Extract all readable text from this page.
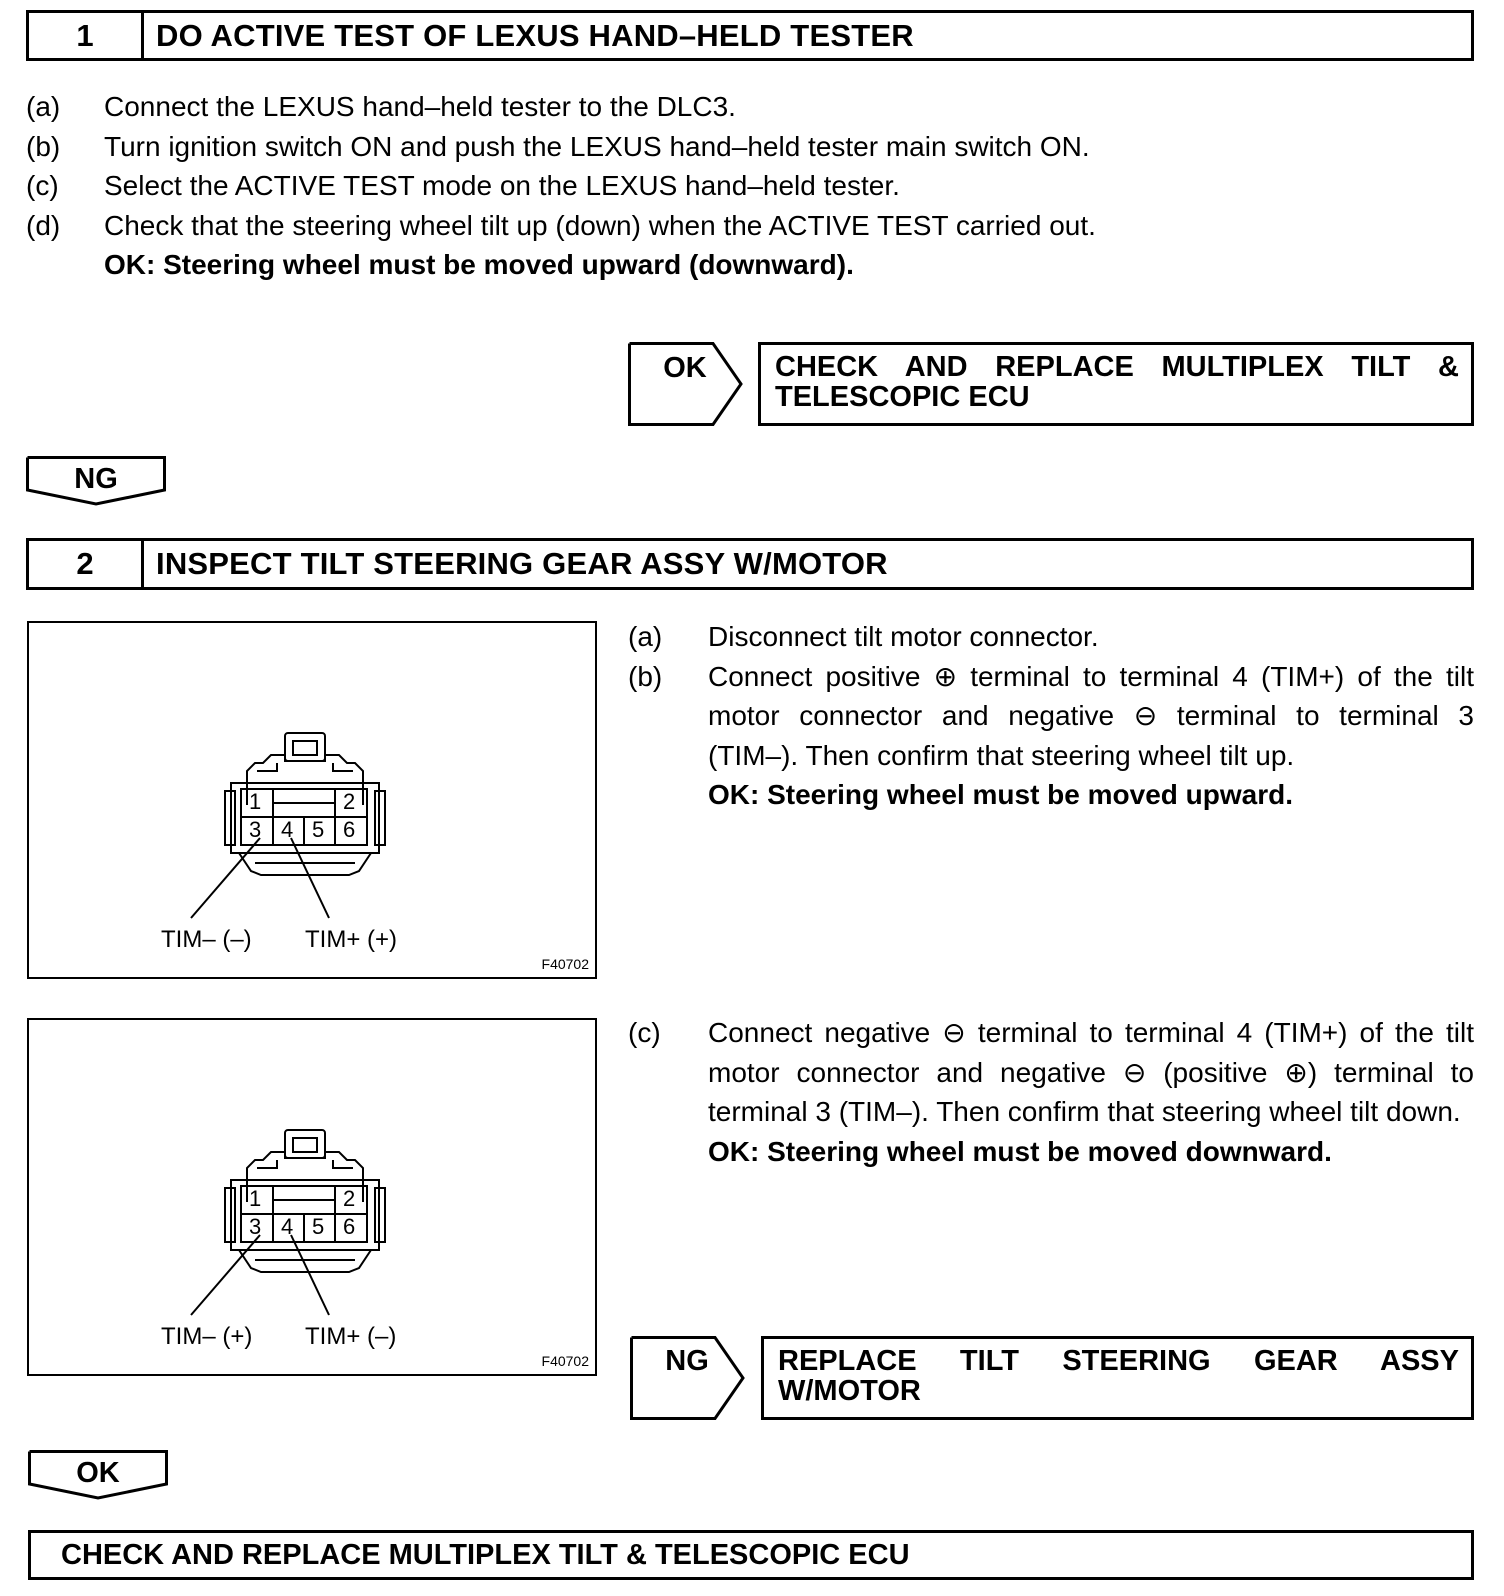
1	DO ACTIVE TEST OF LEXUS HAND–HELD TESTER
(a)	Connect the LEXUS hand–held tester to the DLC3.
(b)	Turn ignition switch ON and push the LEXUS hand–held tester main switch ON.
(c)	Select the ACTIVE TEST mode on the LEXUS hand–held tester.
(d)	Check that the steering wheel tilt up (down) when the ACTIVE TEST carried out.
OK: Steering wheel must be moved upward (downward).
OK	CHECK AND REPLACE MULTIPLEX TILT & TELESCOPIC ECU
NG
2	INSPECT TILT STEERING GEAR ASSY W/MOTOR
1	2
3 4 5 6
TIM– (–) TIM+ (+)
F40702
(a)	Disconnect tilt motor connector.
(b)	Connect positive ⊕ terminal to terminal 4 (TIM+) of the tilt motor connector and negative ⊖ terminal to terminal 3 (TIM–). Then confirm that steering wheel tilt up.
OK: Steering wheel must be moved upward.
1	2
3 4 5 6
TIM– (+) TIM+ (–)
F40702
(c)	Connect negative ⊖ terminal to terminal 4 (TIM+) of the tilt motor connector and negative ⊖ (positive ⊕) terminal to terminal 3 (TIM–). Then confirm that steering wheel tilt down.
OK: Steering wheel must be moved downward.
NG	REPLACE TILT STEERING GEAR ASSY W/MOTOR
OK
CHECK AND REPLACE MULTIPLEX TILT & TELESCOPIC ECU
